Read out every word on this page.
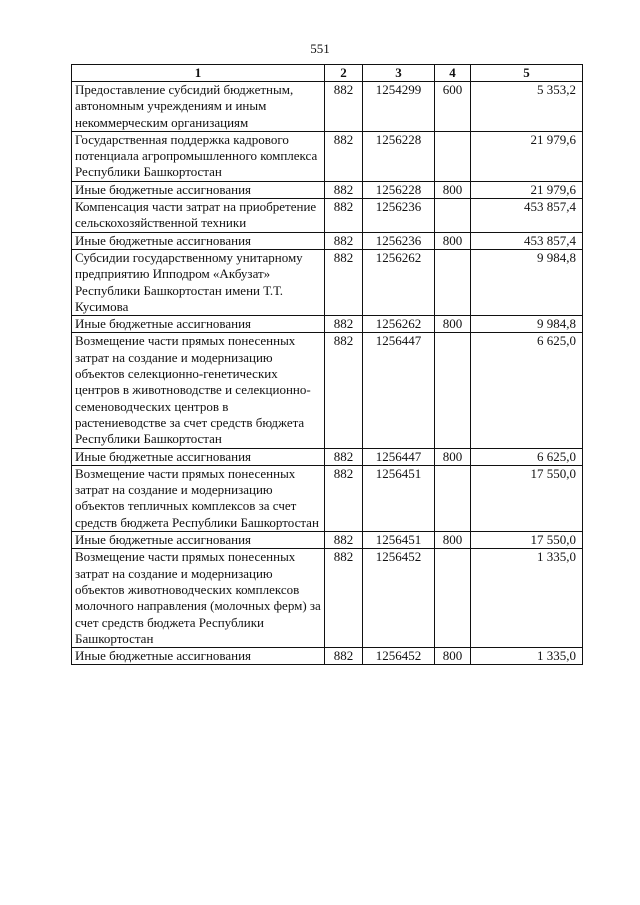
551
1	2	3	4	5
Предоставление субсидий бюджетным, автономным учреждениям и иным некоммерческим организациям	882	1254299	600	5 353,2
Государственная поддержка кадрового потенциала агропромышленного комплекса Республики Башкортостан	882	1256228		21 979,6
Иные бюджетные ассигнования	882	1256228	800	21 979,6
Компенсация части затрат на приобретение сельскохозяйственной техники	882	1256236		453 857,4
Иные бюджетные ассигнования	882	1256236	800	453 857,4
Субсидии государственному унитарному предприятию Ипподром «Акбузат» Республики Башкортостан имени Т.Т. Кусимова	882	1256262		9 984,8
Иные бюджетные ассигнования	882	1256262	800	9 984,8
Возмещение части прямых понесенных затрат на создание и модернизацию объектов селекционно-генетических центров в животноводстве и селекционно-семеноводческих центров в растениеводстве за счет средств бюджета Республики Башкортостан	882	1256447		6 625,0
Иные бюджетные ассигнования	882	1256447	800	6 625,0
Возмещение части прямых понесенных затрат на создание и модернизацию объектов тепличных комплексов за счет средств бюджета Республики Башкортостан	882	1256451		17 550,0
Иные бюджетные ассигнования	882	1256451	800	17 550,0
Возмещение части прямых понесенных затрат на создание и модернизацию объектов животноводческих комплексов молочного направления (молочных ферм) за счет средств бюджета Республики Башкортостан	882	1256452		1 335,0
Иные бюджетные ассигнования	882	1256452	800	1 335,0
